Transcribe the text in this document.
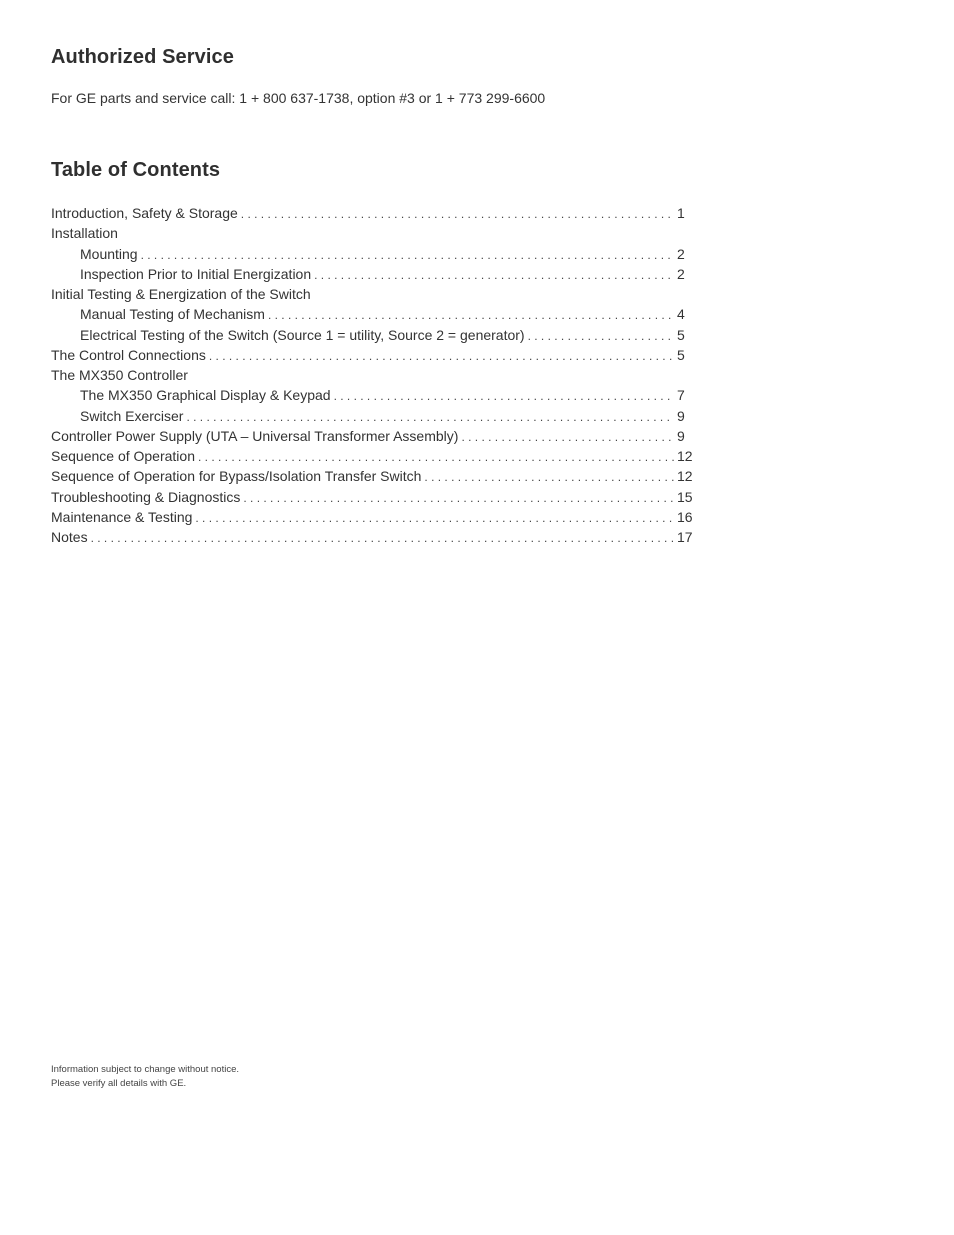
Authorized Service
For GE parts and service call: 1 + 800 637-1738, option #3 or 1 + 773 299-6600
Table of Contents
Introduction, Safety & Storage . . .	1
Installation
Mounting . . .	2
Inspection Prior to Initial Energization . . .	2
Initial Testing & Energization of the Switch
Manual Testing of Mechanism . . .	4
Electrical Testing of the Switch (Source 1 = utility, Source 2 = generator) . . .	5
The Control Connections . . .	5
The MX350 Controller
The MX350 Graphical Display & Keypad . . .	7
Switch Exerciser . . .	9
Controller Power Supply (UTA – Universal Transformer Assembly) . . .	9
Sequence of Operation . . .	12
Sequence of Operation for Bypass/Isolation Transfer Switch . . .	12
Troubleshooting & Diagnostics . . .	15
Maintenance & Testing . . .	16
Notes . . .	17
Information subject to change without notice.
Please verify all details with GE.
